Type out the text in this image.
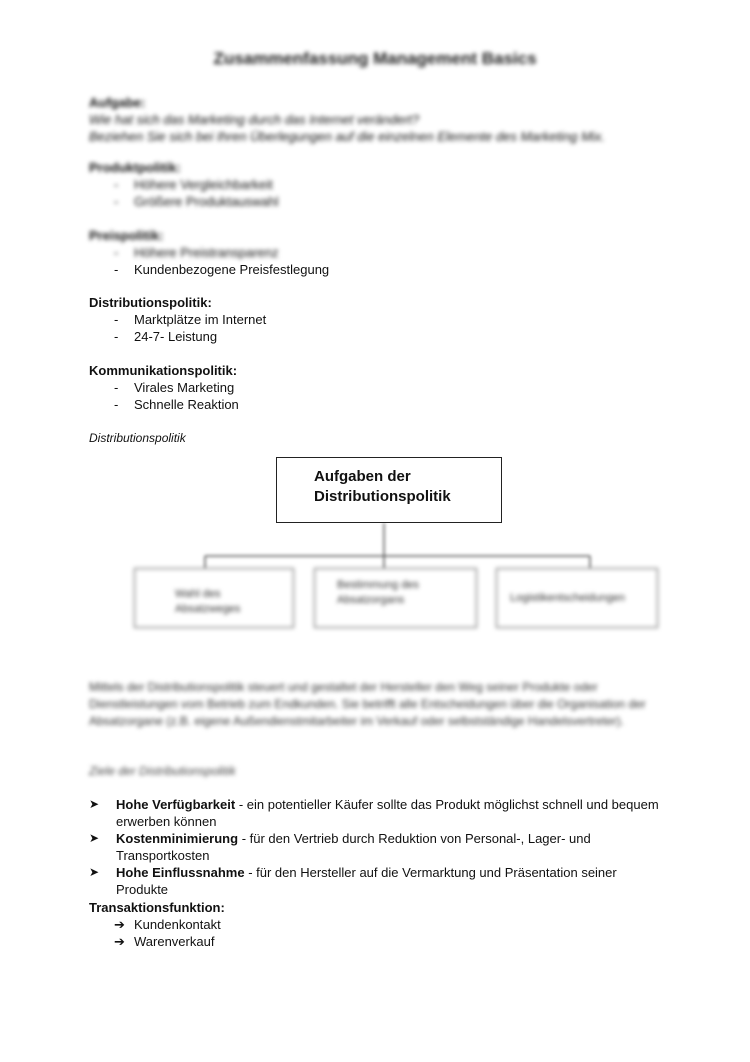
Zusammenfassung Management Basics
Aufgabe:
Wie hat sich das Marketing durch das Internet verändert?
Beziehen Sie sich bei Ihren Überlegungen auf die einzelnen Elemente des Marketing Mix.
Produktpolitik:
- Höhere Vergleichbarkeit
- Größere Produktauswahl
Preispolitik:
- Höhere Preistransparenz
- Kundenbezogene Preisfestlegung
Distributionspolitik:
- Marktplätze im Internet
- 24-7- Leistung
Kommunikationspolitik:
- Virales Marketing
- Schnelle Reaktion
Distributionspolitik
Aufgaben der
Distributionspolitik
Wahl des
Absatzweges
Bestimmung des
Absatzorgans	Logistikentscheidungen
Mittels der Distributionspolitik steuert und gestaltet der Hersteller den Weg seiner Produkte oder Dienstleistungen vom Betrieb zum Endkunden. Sie betrifft alle Entscheidungen über die Organisation der Absatzorgane (z.B. eigene Außendienstmitarbeiter im Verkauf oder selbstständige Handelsvertreter).
Ziele der Distributionspolitik
➤ Hohe Verfügbarkeit - ein potentieller Käufer sollte das Produkt möglichst schnell und bequem erwerben können
➤ Kostenminimierung - für den Vertrieb durch Reduktion von Personal-, Lager- und Transportkosten
➤ Hohe Einflussnahme - für den Hersteller auf die Vermarktung und Präsentation seiner Produkte
Transaktionsfunktion:
➔ Kundenkontakt
➔ Warenverkauf
